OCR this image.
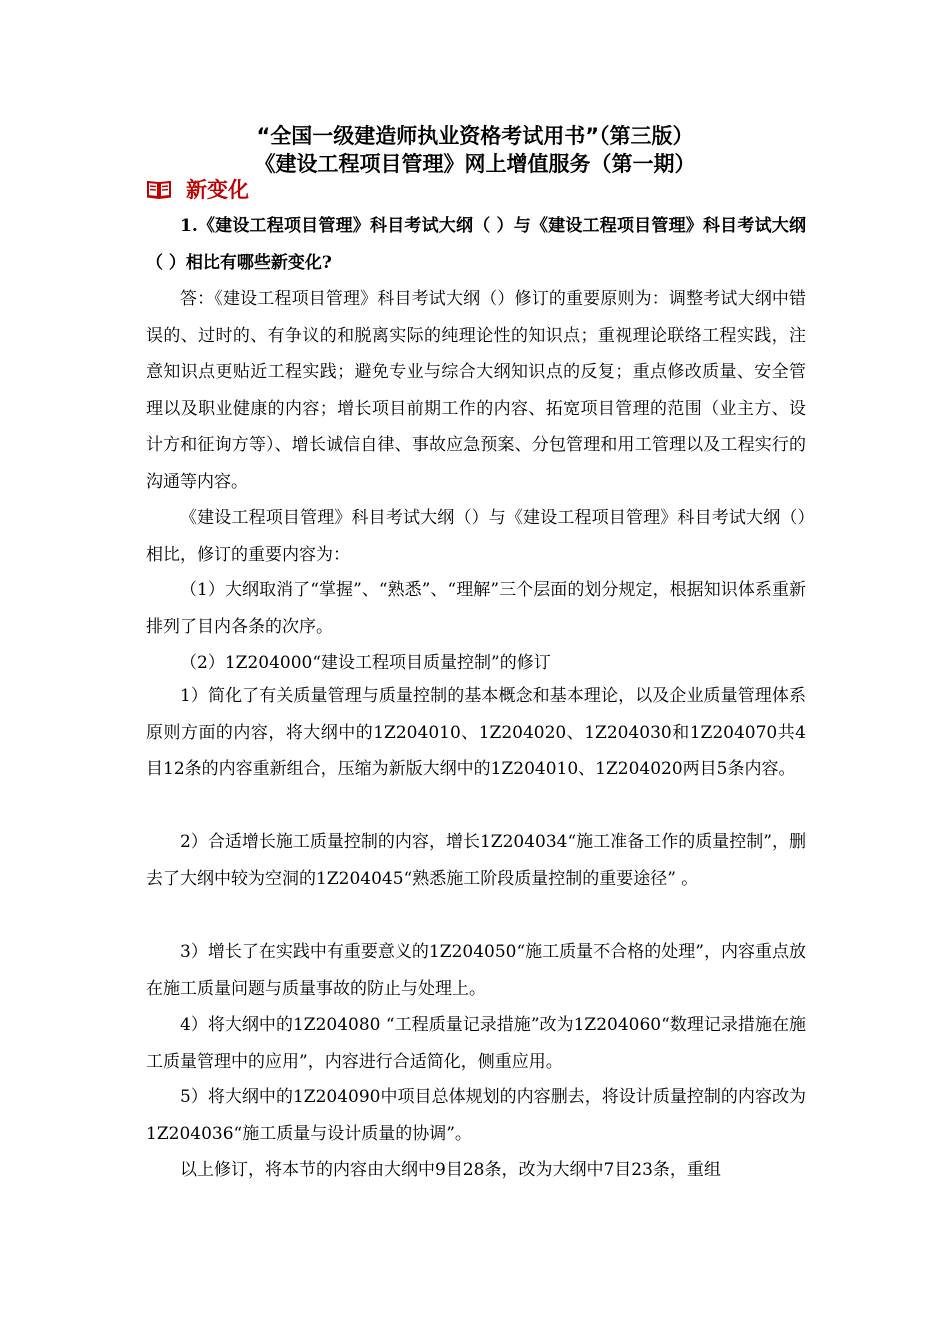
“全国一级建造师执业资格考试用书”（第三版）
《建设工程项目管理》网上增值服务（第一期）
新变化
1.《建设工程项目管理》科目考试大纲（ ）与《建设工程项目管理》科目考试大纲（ ）相比有哪些新变化?
答：《建设工程项目管理》科目考试大纲（）修订的重要原则为：调整考试大纲中错误的、过时的、有争议的和脱离实际的纯理论性的知识点；重视理论联络工程实践，注意知识点更贴近工程实践；避免专业与综合大纲知识点的反复；重点修改质量、安全管理以及职业健康的内容；增长项目前期工作的内容、拓宽项目管理的范围（业主方、设计方和征询方等）、增长诚信自律、事故应急预案、分包管理和用工管理以及工程实行的沟通等内容。
《建设工程项目管理》科目考试大纲（）与《建设工程项目管理》科目考试大纲（）相比，修订的重要内容为：
（1）大纲取消了“掌握”、“熟悉”、“理解”三个层面的划分规定，根据知识体系重新排列了目内各条的次序。
（2）1Z204000“建设工程项目质量控制”的修订
1）简化了有关质量管理与质量控制的基本概念和基本理论，以及企业质量管理体系原则方面的内容，将大纲中的1Z204010、1Z204020、1Z204030和1Z204070共4目12条的内容重新组合，压缩为新版大纲中的1Z204010、1Z204020两目5条内容。
2）合适增长施工质量控制的内容，增长1Z204034“施工准备工作的质量控制”，删去了大纲中较为空洞的1Z204045“熟悉施工阶段质量控制的重要途径” 。
3）增长了在实践中有重要意义的1Z204050“施工质量不合格的处理”，内容重点放在施工质量问题与质量事故的防止与处理上。
4）将大纲中的1Z204080 “工程质量记录措施”改为1Z204060“数理记录措施在施工质量管理中的应用”，内容进行合适简化，侧重应用。
5）将大纲中的1Z204090中项目总体规划的内容删去，将设计质量控制的内容改为1Z204036“施工质量与设计质量的协调”。
以上修订，将本节的内容由大纲中9目28条，改为大纲中7目23条，重组
